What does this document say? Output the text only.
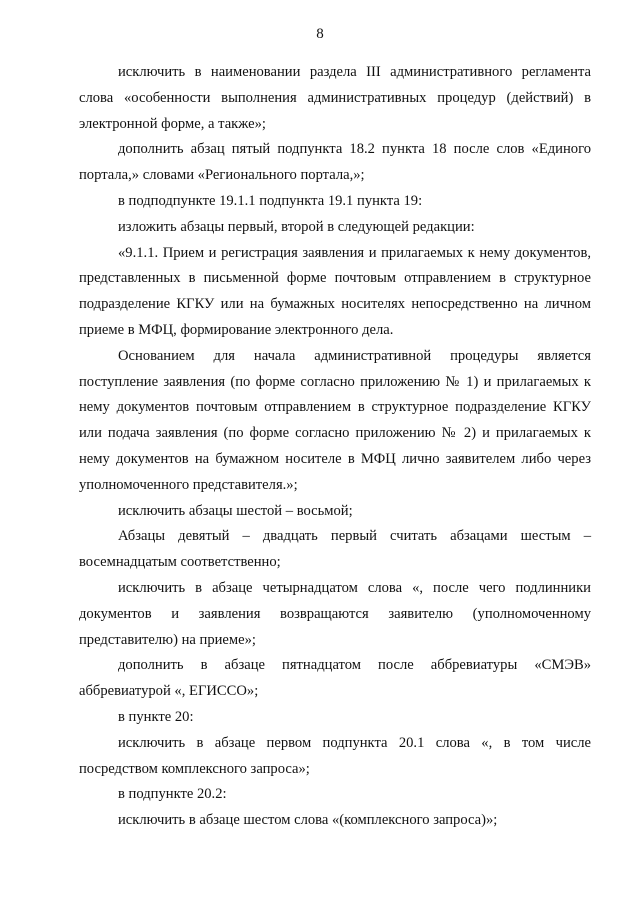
8

исключить в наименовании раздела III административного регламента слова «особенности выполнения административных процедур (действий) в электронной форме, а также»;

дополнить абзац пятый подпункта 18.2 пункта 18 после слов «Единого портала,» словами «Регионального портала,»;

в подподпункте 19.1.1 подпункта 19.1 пункта 19:

изложить абзацы первый, второй в следующей редакции:

«9.1.1. Прием и регистрация заявления и прилагаемых к нему документов, представленных в письменной форме почтовым отправлением в структурное подразделение КГКУ или на бумажных носителях непосредственно на личном приеме в МФЦ, формирование электронного дела.

Основанием для начала административной процедуры является поступление заявления (по форме согласно приложению № 1) и прилагаемых к нему документов почтовым отправлением в структурное подразделение КГКУ или подача заявления (по форме согласно приложению № 2) и прилагаемых к нему документов на бумажном носителе в МФЦ лично заявителем либо через уполномоченного представителя.»;

исключить абзацы шестой – восьмой;

Абзацы девятый – двадцать первый считать абзацами шестым – восемнадцатым соответственно;

исключить в абзаце четырнадцатом слова «, после чего подлинники документов и заявления возвращаются заявителю (уполномоченному представителю) на приеме»;

дополнить в абзаце пятнадцатом после аббревиатуры «СМЭВ» аббревиатурой «, ЕГИССО»;

в пункте 20:

исключить в абзаце первом подпункта 20.1 слова «, в том числе посредством комплексного запроса»;

в подпункте 20.2:

исключить в абзаце шестом слова «(комплексного запроса)»;
